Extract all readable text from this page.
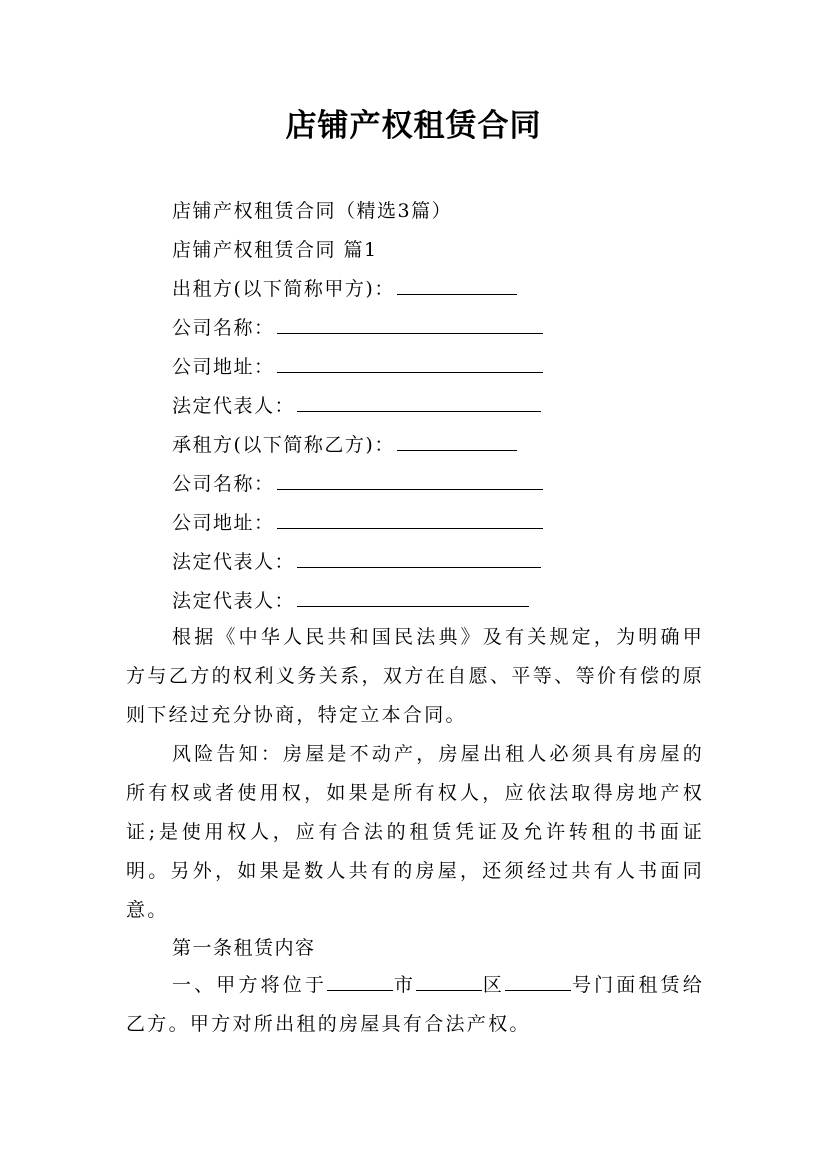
店铺产权租赁合同
店铺产权租赁合同（精选3篇）
店铺产权租赁合同 篇1
出租方(以下简称甲方)：
公司名称：
公司地址：
法定代表人：
承租方(以下简称乙方)：
公司名称：
公司地址：
法定代表人：
法定代表人：

根据《中华人民共和国民法典》及有关规定，为明确甲方与乙方的权利义务关系，双方在自愿、平等、等价有偿的原则下经过充分协商，特定立本合同。

风险告知：房屋是不动产，房屋出租人必须具有房屋的所有权或者使用权，如果是所有权人，应依法取得房地产权证;是使用权人，应有合法的租赁凭证及允许转租的书面证明。另外，如果是数人共有的房屋，还须经过共有人书面同意。

第一条租赁内容

一、甲方将位于	市	区	号门面租赁给乙方。甲方对所出租的房屋具有合法产权。
